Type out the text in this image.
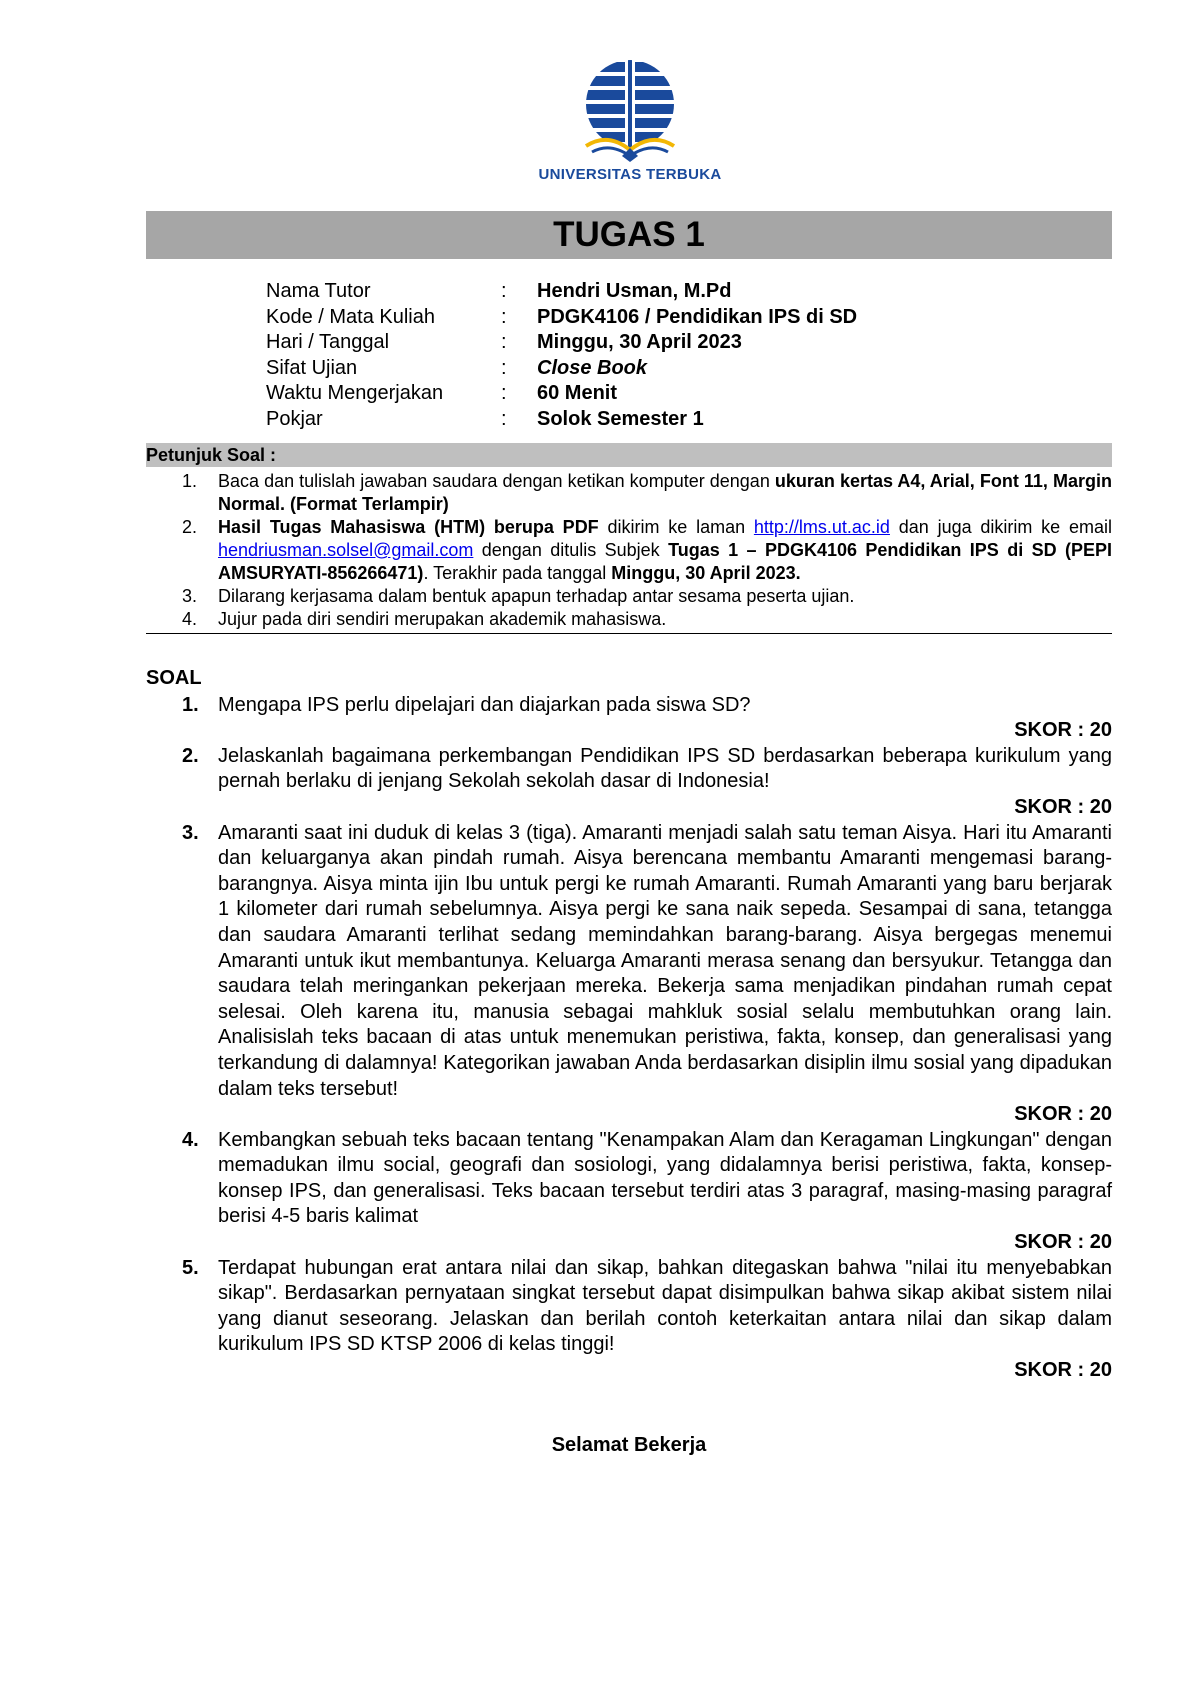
UNIVERSITAS TERBUKA
TUGAS 1
Nama Tutor	: Hendri Usman, M.Pd
Kode / Mata Kuliah	: PDGK4106 / Pendidikan IPS di SD
Hari / Tanggal	: Minggu, 30 April 2023
Sifat Ujian	: Close Book
Waktu Mengerjakan	: 60 Menit
Pokjar	: Solok Semester 1
Petunjuk Soal :
1. Baca dan tulislah jawaban saudara dengan ketikan komputer dengan ukuran kertas A4, Arial, Font 11, Margin Normal. (Format Terlampir)
2. Hasil Tugas Mahasiswa (HTM) berupa PDF dikirim ke laman http://lms.ut.ac.id dan juga dikirim ke email hendriusman.solsel@gmail.com dengan ditulis Subjek Tugas 1 – PDGK4106 Pendidikan IPS di SD (PEPI AMSURYATI-856266471). Terakhir pada tanggal Minggu, 30 April 2023.
3. Dilarang kerjasama dalam bentuk apapun terhadap antar sesama peserta ujian.
4. Jujur pada diri sendiri merupakan akademik mahasiswa.
SOAL
1. Mengapa IPS perlu dipelajari dan diajarkan pada siswa SD?
SKOR : 20
2. Jelaskanlah bagaimana perkembangan Pendidikan IPS SD berdasarkan beberapa kurikulum yang pernah berlaku di jenjang Sekolah sekolah dasar di Indonesia!
SKOR : 20
3. Amaranti saat ini duduk di kelas 3 (tiga). Amaranti menjadi salah satu teman Aisya. Hari itu Amaranti dan keluarganya akan pindah rumah. Aisya berencana membantu Amaranti mengemasi barang-barangnya. Aisya minta ijin Ibu untuk pergi ke rumah Amaranti. Rumah Amaranti yang baru berjarak 1 kilometer dari rumah sebelumnya. Aisya pergi ke sana naik sepeda. Sesampai di sana, tetangga dan saudara Amaranti terlihat sedang memindahkan barang-barang. Aisya bergegas menemui Amaranti untuk ikut membantunya. Keluarga Amaranti merasa senang dan bersyukur. Tetangga dan saudara telah meringankan pekerjaan mereka. Bekerja sama menjadikan pindahan rumah cepat selesai. Oleh karena itu, manusia sebagai mahkluk sosial selalu membutuhkan orang lain. Analisislah teks bacaan di atas untuk menemukan peristiwa, fakta, konsep, dan generalisasi yang terkandung di dalamnya! Kategorikan jawaban Anda berdasarkan disiplin ilmu sosial yang dipadukan dalam teks tersebut!
SKOR : 20
4. Kembangkan sebuah teks bacaan tentang "Kenampakan Alam dan Keragaman Lingkungan" dengan memadukan ilmu social, geografi dan sosiologi, yang didalamnya berisi peristiwa, fakta, konsep-konsep IPS, dan generalisasi. Teks bacaan tersebut terdiri atas 3 paragraf, masing-masing paragraf berisi 4-5 baris kalimat
SKOR : 20
5. Terdapat hubungan erat antara nilai dan sikap, bahkan ditegaskan bahwa "nilai itu menyebabkan sikap". Berdasarkan pernyataan singkat tersebut dapat disimpulkan bahwa sikap akibat sistem nilai yang dianut seseorang. Jelaskan dan berilah contoh keterkaitan antara nilai dan sikap dalam kurikulum IPS SD KTSP 2006 di kelas tinggi!
SKOR : 20
Selamat Bekerja
